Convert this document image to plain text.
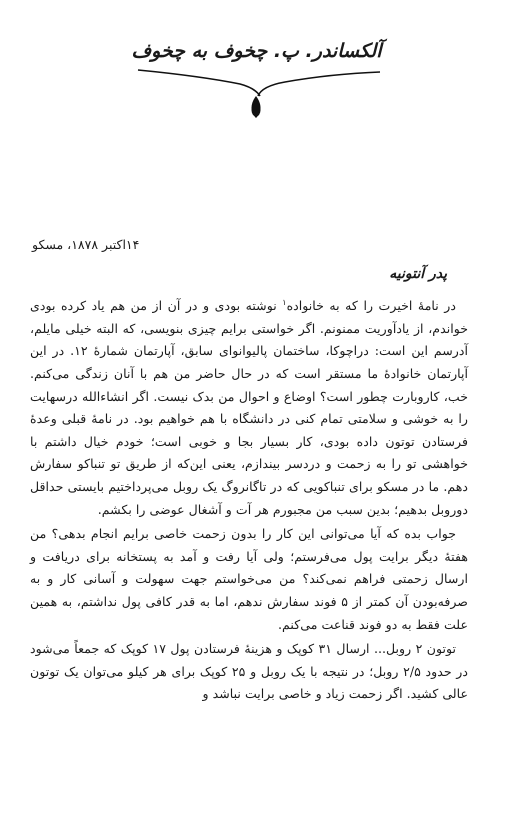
آلکساندر. پ. چخوف به چخوف
۱۴اکتبر ۱۸۷۸، مسکو
پدر آنتونیه

در نامهٔ اخیرت را که به خانواده$^۱$ نوشته بودی و در آن از من هم یاد کرده بودی خواندم، از یادآوریت ممنونم. اگر خواستی برایم چیزی بنویسی، که البته خیلی مایلم، آدرسم این است: دراچوکا، ساختمان پالیوانوای سابق، آپارتمان شمارهٔ ۱۲. در این آپارتمان خانوادهٔ ما مستقر است که در حال حاضر من هم با آنان زندگی می‌کنم. خب، کاروبارت چطور است؟ اوضاع و احوال من بدک نیست. اگر انشاءالله درسهایت را به خوشی و سلامتی تمام کنی در دانشگاه با هم خواهیم بود. در نامهٔ قبلی وعدهٔ فرستادن توتون داده بودی، کار بسیار بجا و خوبی است؛ خودم خیال داشتم با خواهشی تو را به زحمت و دردسر بیندازم، یعنی این‌که از طریق تو تنباکو سفارش دهم. ما در مسکو برای تنباکویی که در تاگانروگ یک روبل می‌پرداختیم بایستی حداقل دوروبل بدهیم؛ بدین سبب من مجبورم هر آت و آشغال عوضی را بکشم.

جواب بده که آیا می‌توانی این کار را بدون زحمت خاصی برایم انجام بدهی؟ من هفتهٔ دیگر برایت پول می‌فرستم؛ ولی آیا رفت و آمد به پستخانه برای دریافت و ارسال زحمتی فراهم نمی‌کند؟ من می‌خواستم جهت سهولت و آسانی کار و به صرفه‌بودن آن کمتر از ۵ فوند سفارش ندهم، اما به قدر کافی پول نداشتم، به همین علت فقط به دو فوند قناعت می‌کنم.

توتون ۲ روبل... ارسال ۳۱ کوپک و هزینهٔ فرستادن پول ۱۷ کوپک که جمعاً می‌شود در حدود ۲/۵ روبل؛ در نتیجه با یک روبل و ۲۵ کوپک برای هر کیلو می‌توان یک توتون عالی کشید. اگر زحمت زیاد و خاصی برایت نباشد و
